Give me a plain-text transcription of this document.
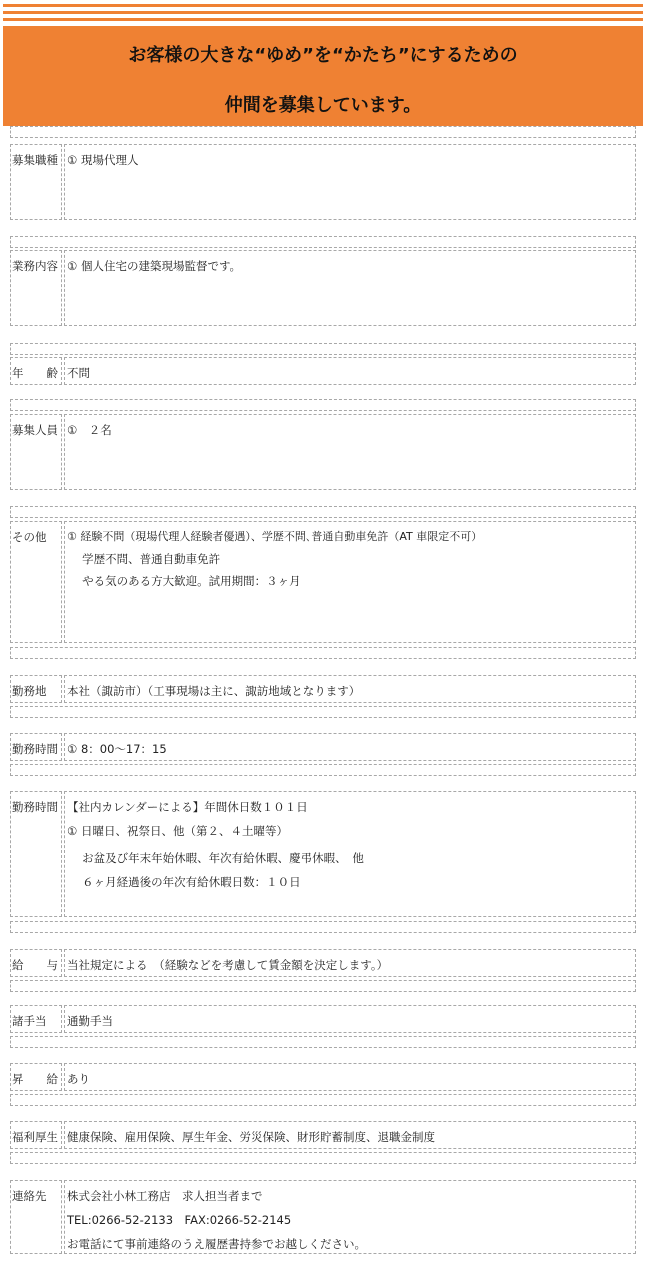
お客様の大きな“ゆめ”を“かたち”にするための
仲間を募集しています。
募集職種 ① 現場代理人
業務内容 ① 個人住宅の建築現場監督です。
年　　齢 不問
募集人員 ①　２名
その他	① 経験不問（現場代理人経験者優遇）、学歴不問､普通自動車免許（AT 車限定不可）
　 学歴不問、普通自動車免許
　 やる気のある方大歓迎。試用期間：３ヶ月
勤務地	本社（諏訪市）（工事現場は主に、諏訪地域となります）
勤務時間 ① 8：00～17：15
勤務時間 【社内カレンダーによる】年間休日数１０１日
① 日曜日、祝祭日、他（第２、４土曜等）
　 お盆及び年末年始休暇、年次有給休暇、慶弔休暇、　他
　 ６ヶ月経過後の年次有給休暇日数：１０日
給　　与 当社規定による　（経験などを考慮して賃金額を決定します。）
諸手当	通勤手当
昇　　給 あり
福利厚生 健康保険、雇用保険、厚生年金、労災保険、財形貯蓄制度、退職金制度
連絡先	株式会社小林工務店　求人担当者まで
TEL:0266-52-2133　FAX:0266-52-2145
お電話にて事前連絡のうえ履歴書持参でお越しください。
